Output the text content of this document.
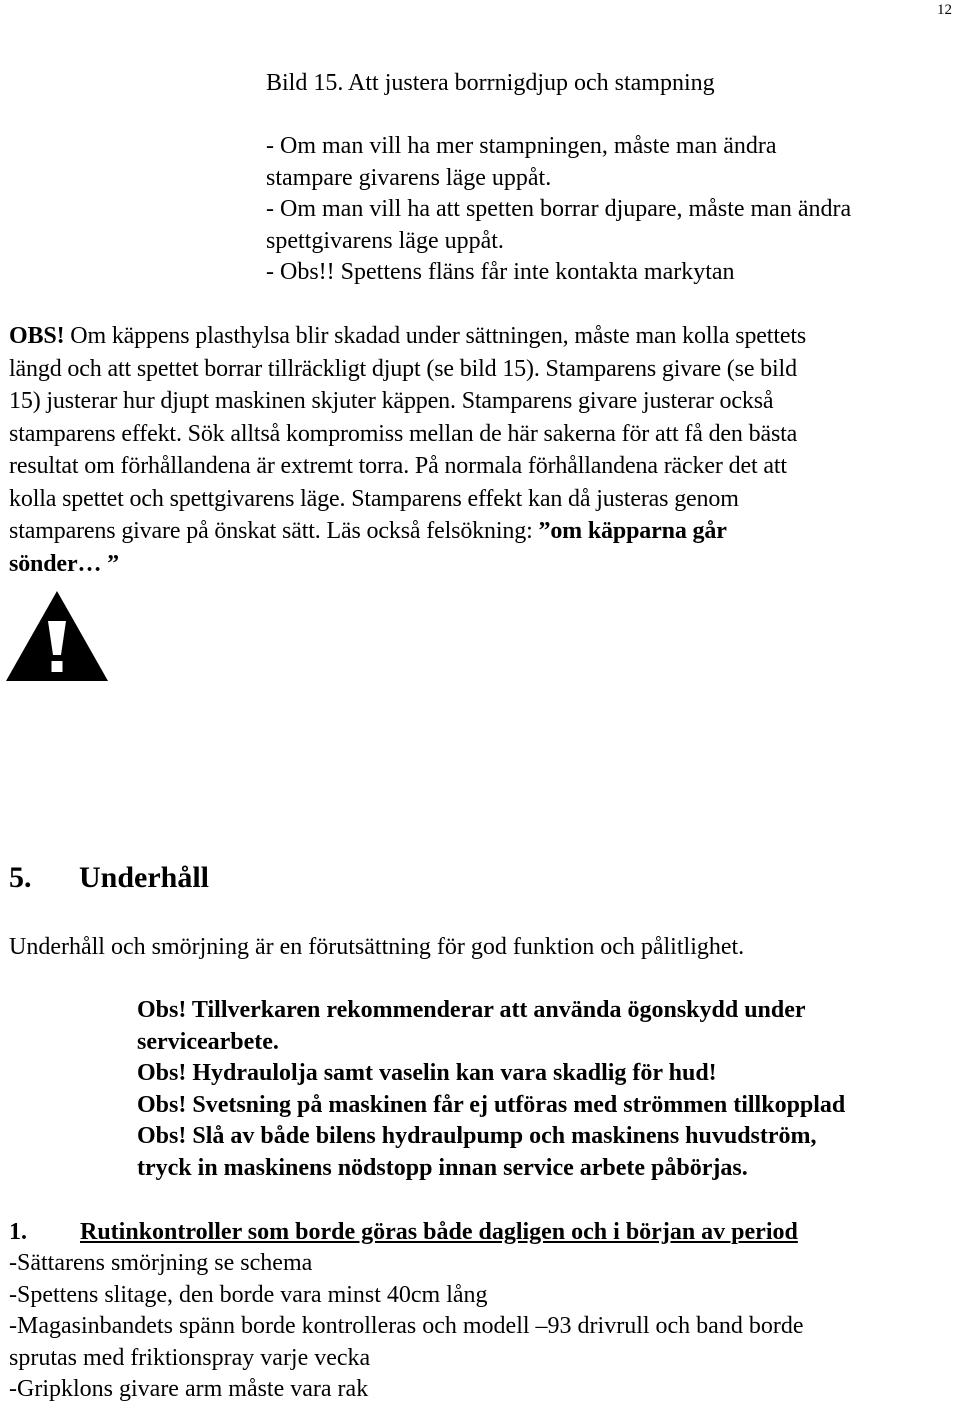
12
Bild 15. Att justera borrnigdjup och stampning
- Om man vill ha mer stampningen, måste man ändra
stampare givarens läge uppåt.
- Om man vill ha att spetten borrar djupare, måste man ändra
spettgivarens läge uppåt.
- Obs!! Spettens fläns får inte kontakta markytan
OBS! Om käppens plasthylsa blir skadad under sättningen, måste man kolla spettets
längd och att spettet borrar tillräckligt djupt (se bild 15). Stamparens givare (se bild
15) justerar hur djupt maskinen skjuter käppen. Stamparens givare justerar också
stamparens effekt. Sök alltså kompromiss mellan de här sakerna för att få den bästa
resultat om förhållandena är extremt torra. På normala förhållandena räcker det att
kolla spettet och spettgivarens läge. Stamparens effekt kan då justeras genom
stamparens givare på önskat sätt. Läs också felsökning: ”om käpparna går
sönder… ”
5. Underhåll
Underhåll och smörjning är en förutsättning för god funktion och pålitlighet.
Obs! Tillverkaren rekommenderar att använda ögonskydd under
servicearbete.
Obs! Hydraulolja samt vaselin kan vara skadlig för hud!
Obs! Svetsning på maskinen får ej utföras med strömmen tillkopplad
Obs! Slå av både bilens hydraulpump och maskinens huvudström,
tryck in maskinens nödstopp innan service arbete påbörjas.
1. Rutinkontroller som borde göras både dagligen och i början av period
-Sättarens smörjning se schema
-Spettens slitage, den borde vara minst 40cm lång
-Magasinbandets spänn borde kontrolleras och modell –93 drivrull och band borde
sprutas med friktionspray varje vecka
-Gripklons givare arm måste vara rak
